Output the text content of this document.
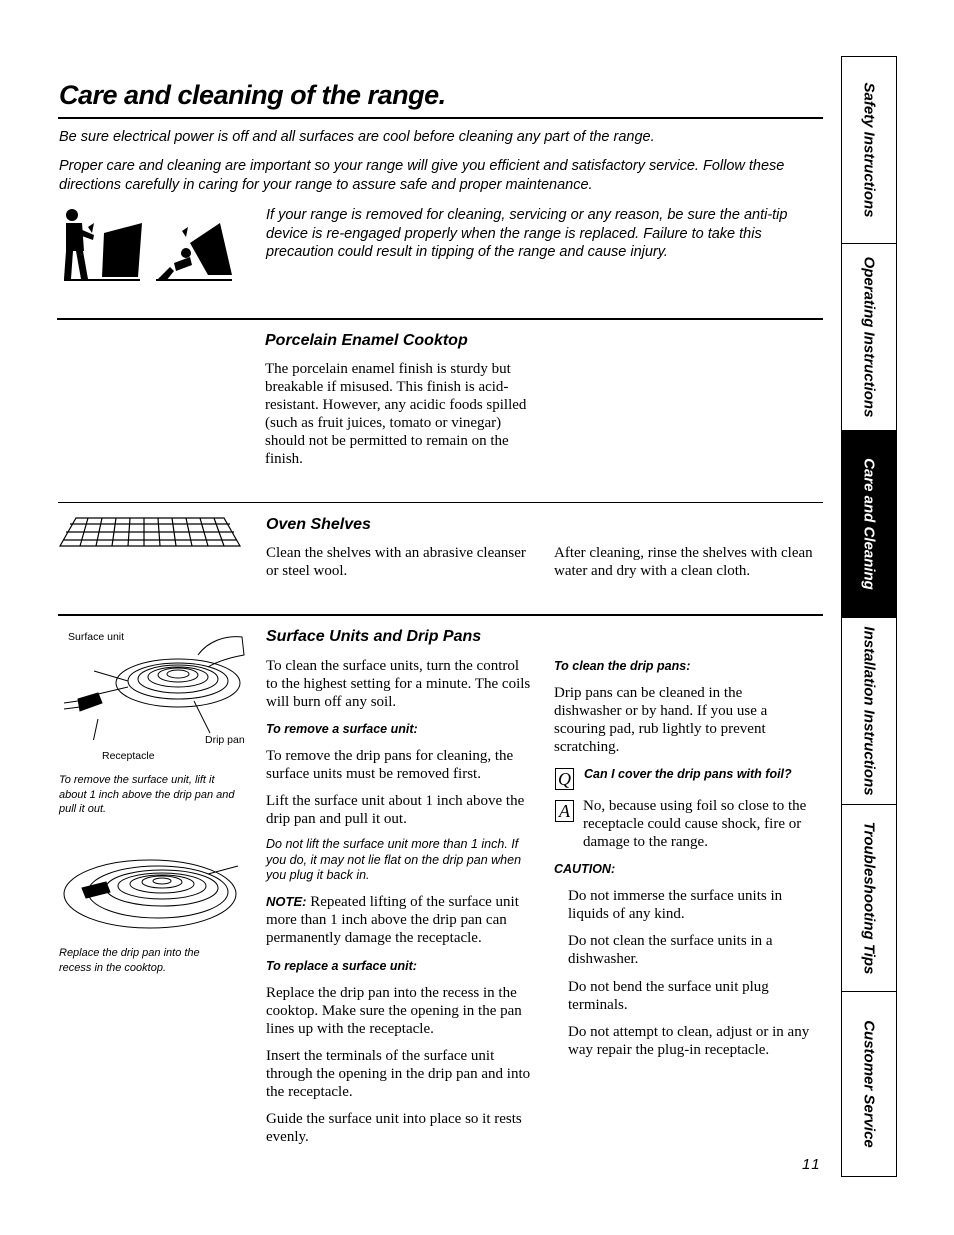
Care and cleaning of the range.

Be sure electrical power is off and all surfaces are cool before cleaning any part of the range.

Proper care and cleaning are important so your range will give you efficient and satisfactory service. Follow these directions carefully in caring for your range to assure safe and proper maintenance.

If your range is removed for cleaning, servicing or any reason, be sure the anti-tip device is re-engaged properly when the range is replaced. Failure to take this precaution could result in tipping of the range and cause injury.

Porcelain Enamel Cooktop

The porcelain enamel finish is sturdy but breakable if misused. This finish is acid-resistant. However, any acidic foods spilled (such as fruit juices, tomato or vinegar) should not be permitted to remain on the finish.

Oven Shelves

Clean the shelves with an abrasive cleanser or steel wool.

After cleaning, rinse the shelves with clean water and dry with a clean cloth.

Surface unit
Receptacle
Drip pan

To remove the surface unit, lift it about 1 inch above the drip pan and pull it out.

Replace the drip pan into the recess in the cooktop.

Surface Units and Drip Pans

To clean the surface units, turn the control to the highest setting for a minute. The coils will burn off any soil.

To remove a surface unit:

To remove the drip pans for cleaning, the surface units must be removed first.

Lift the surface unit about 1 inch above the drip pan and pull it out.

Do not lift the surface unit more than 1 inch. If you do, it may not lie flat on the drip pan when you plug it back in.

NOTE: Repeated lifting of the surface unit more than 1 inch above the drip pan can permanently damage the receptacle.

To replace a surface unit:

Replace the drip pan into the recess in the cooktop. Make sure the opening in the pan lines up with the receptacle.

Insert the terminals of the surface unit through the opening in the drip pan and into the receptacle.

Guide the surface unit into place so it rests evenly.

To clean the drip pans:

Drip pans can be cleaned in the dishwasher or by hand. If you use a scouring pad, rub lightly to prevent scratching.

Q Can I cover the drip pans with foil?
A No, because using foil so close to the receptacle could cause shock, fire or damage to the range.

CAUTION:

Do not immerse the surface units in liquids of any kind.

Do not clean the surface units in a dishwasher.

Do not bend the surface unit plug terminals.

Do not attempt to clean, adjust or in any way repair the plug-in receptacle.

11
Safety Instructions
Operating Instructions
Care and Cleaning
Installation Instructions
Troubleshooting Tips
Customer Service
